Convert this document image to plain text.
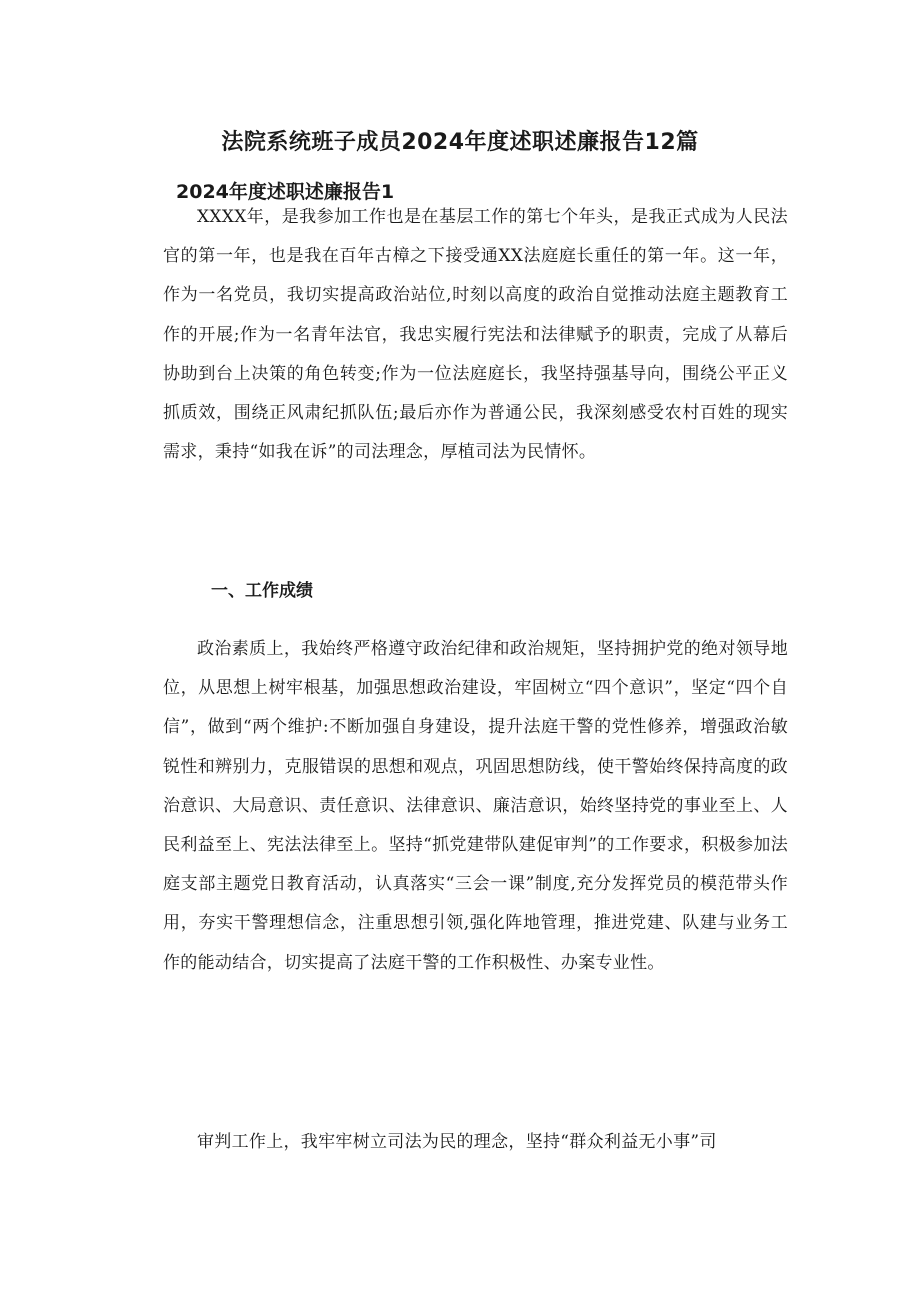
法院系统班子成员2024年度述职述廉报告12篇
2024年度述职述廉报告1

XXXX年，是我参加工作也是在基层工作的第七个年头，是我正式成为人民法官的第一年，也是我在百年古樟之下接受通XX法庭庭长重任的第一年。这一年，作为一名党员，我切实提高政治站位,时刻以高度的政治自觉推动法庭主题教育工作的开展;作为一名青年法官，我忠实履行宪法和法律赋予的职责，完成了从幕后协助到台上决策的角色转变;作为一位法庭庭长，我坚持强基导向，围绕公平正义抓质效，围绕正风肃纪抓队伍;最后亦作为普通公民，我深刻感受农村百姓的现实需求，秉持“如我在诉”的司法理念，厚植司法为民情怀。

一、工作成绩

政治素质上，我始终严格遵守政治纪律和政治规矩，坚持拥护党的绝对领导地位，从思想上树牢根基，加强思想政治建设，牢固树立“四个意识”，坚定“四个自信”，做到“两个维护:不断加强自身建设，提升法庭干警的党性修养，增强政治敏锐性和辨别力，克服错误的思想和观点，巩固思想防线，使干警始终保持高度的政治意识、大局意识、责任意识、法律意识、廉洁意识，始终坚持党的事业至上、人民利益至上、宪法法律至上。坚持“抓党建带队建促审判”的工作要求，积极参加法庭支部主题党日教育活动，认真落实“三会一课”制度,充分发挥党员的模范带头作用，夯实干警理想信念，注重思想引领,强化阵地管理，推进党建、队建与业务工作的能动结合，切实提高了法庭干警的工作积极性、办案专业性。

审判工作上，我牢牢树立司法为民的理念，坚持“群众利益无小事”司
